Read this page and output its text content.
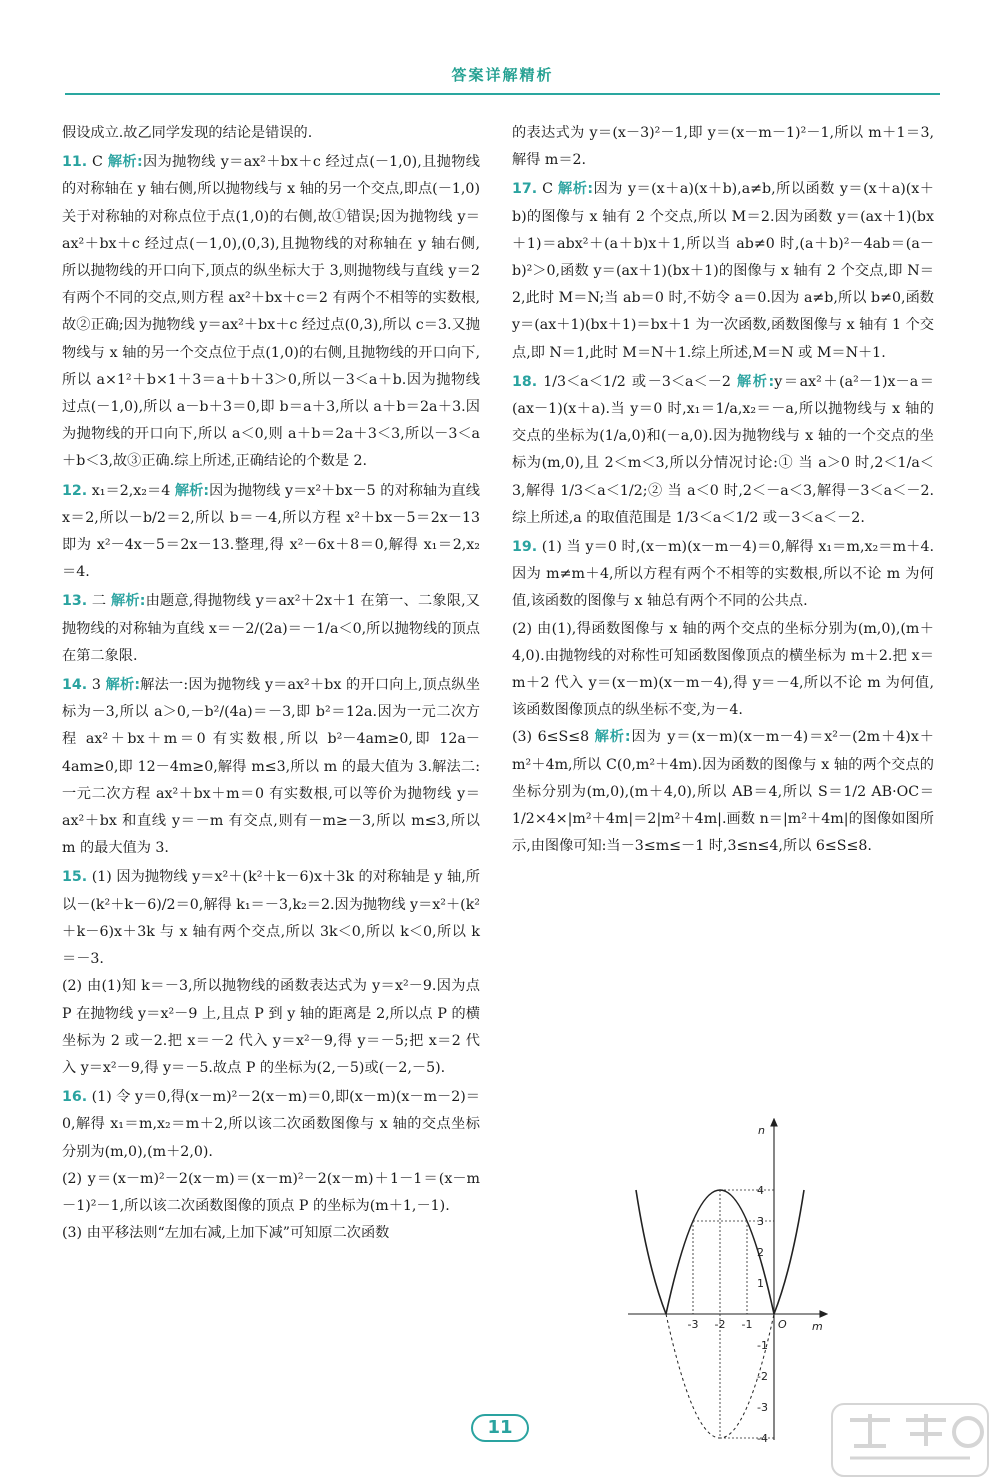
答案详解精析

假设成立.故乙同学发现的结论是错误的.

11. C 解析:因为抛物线 y＝ax²＋bx＋c 经过点(－1,0),且抛物线的对称轴在 y 轴右侧,所以抛物线与 x 轴的另一个交点,即点(－1,0)关于对称轴的对称点位于点(1,0)的右侧,故①错误;因为抛物线 y＝ax²＋bx＋c 经过点(－1,0),(0,3),且抛物线的对称轴在 y 轴右侧,所以抛物线的开口向下,顶点的纵坐标大于 3,则抛物线与直线 y＝2 有两个不同的交点,则方程 ax²＋bx＋c＝2 有两个不相等的实数根,故②正确;因为抛物线 y＝ax²＋bx＋c 经过点(0,3),所以 c＝3.又抛物线与 x 轴的另一个交点位于点(1,0)的右侧,且抛物线的开口向下,所以 a×1²＋b×1＋3＝a＋b＋3＞0,所以－3＜a＋b.因为抛物线过点(－1,0),所以 a－b＋3＝0,即 b＝a＋3,所以 a＋b＝2a＋3.因为抛物线的开口向下,所以 a＜0,则 a＋b＝2a＋3＜3,所以－3＜a＋b＜3,故③正确.综上所述,正确结论的个数是 2.

12. x₁＝2,x₂＝4 解析:因为抛物线 y＝x²＋bx－5 的对称轴为直线 x＝2,所以－b/2＝2,所以 b＝－4,所以方程 x²＋bx－5＝2x－13 即为 x²－4x－5＝2x－13.整理,得 x²－6x＋8＝0,解得 x₁＝2,x₂＝4.

13. 二 解析:由题意,得抛物线 y＝ax²＋2x＋1 在第一、二象限,又抛物线的对称轴为直线 x＝－2/(2a)＝－1/a＜0,所以抛物线的顶点在第二象限.

14. 3 解析:解法一:因为抛物线 y＝ax²＋bx 的开口向上,顶点纵坐标为－3,所以 a＞0,－b²/(4a)＝－3,即 b²＝12a.因为一元二次方程 ax²＋bx＋m＝0 有实数根,所以 b²－4am≥0,即 12a－4am≥0,即 12－4m≥0,解得 m≤3,所以 m 的最大值为 3.解法二:一元二次方程 ax²＋bx＋m＝0 有实数根,可以等价为抛物线 y＝ax²＋bx 和直线 y＝－m 有交点,则有－m≥－3,所以 m≤3,所以 m 的最大值为 3.

15. (1) 因为抛物线 y＝x²＋(k²＋k－6)x＋3k 的对称轴是 y 轴,所以－(k²＋k－6)/2＝0,解得 k₁＝－3,k₂＝2.因为抛物线 y＝x²＋(k²＋k－6)x＋3k 与 x 轴有两个交点,所以 3k＜0,所以 k＜0,所以 k＝－3.

(2) 由(1)知 k＝－3,所以抛物线的函数表达式为 y＝x²－9.因为点 P 在抛物线 y＝x²－9 上,且点 P 到 y 轴的距离是 2,所以点 P 的横坐标为 2 或－2.把 x＝－2 代入 y＝x²－9,得 y＝－5;把 x＝2 代入 y＝x²－9,得 y＝－5.故点 P 的坐标为(2,－5)或(－2,－5).

16. (1) 令 y＝0,得(x－m)²－2(x－m)＝0,即(x－m)(x－m－2)＝0,解得 x₁＝m,x₂＝m＋2,所以该二次函数图像与 x 轴的交点坐标分别为(m,0),(m＋2,0).

(2) y＝(x－m)²－2(x－m)＝(x－m)²－2(x－m)＋1－1＝(x－m－1)²－1,所以该二次函数图像的顶点 P 的坐标为(m＋1,－1).

(3) 由平移法则“左加右减,上加下减”可知原二次函数

的表达式为 y＝(x－3)²－1,即 y＝(x－m－1)²－1,所以 m＋1＝3,解得 m＝2.

17. C 解析:因为 y＝(x＋a)(x＋b),a≠b,所以函数 y＝(x＋a)(x＋b)的图像与 x 轴有 2 个交点,所以 M＝2.因为函数 y＝(ax＋1)(bx＋1)＝abx²＋(a＋b)x＋1,所以当 ab≠0 时,(a＋b)²－4ab＝(a－b)²＞0,函数 y＝(ax＋1)(bx＋1)的图像与 x 轴有 2 个交点,即 N＝2,此时 M＝N;当 ab＝0 时,不妨令 a＝0.因为 a≠b,所以 b≠0,函数 y＝(ax＋1)(bx＋1)＝bx＋1 为一次函数,函数图像与 x 轴有 1 个交点,即 N＝1,此时 M＝N＋1.综上所述,M＝N 或 M＝N＋1.

18. 1/3＜a＜1/2 或－3＜a＜－2 解析:y＝ax²＋(a²－1)x－a＝(ax－1)(x＋a).当 y＝0 时,x₁＝1/a,x₂＝－a,所以抛物线与 x 轴的交点的坐标为(1/a,0)和(－a,0).因为抛物线与 x 轴的一个交点的坐标为(m,0),且 2＜m＜3,所以分情况讨论:① 当 a＞0 时,2＜1/a＜3,解得 1/3＜a＜1/2;② 当 a＜0 时,2＜－a＜3,解得－3＜a＜－2.综上所述,a 的取值范围是 1/3＜a＜1/2 或－3＜a＜－2.

19. (1) 当 y＝0 时,(x－m)(x－m－4)＝0,解得 x₁＝m,x₂＝m＋4.因为 m≠m＋4,所以方程有两个不相等的实数根,所以不论 m 为何值,该函数的图像与 x 轴总有两个不同的公共点.

(2) 由(1),得函数图像与 x 轴的两个交点的坐标分别为(m,0),(m＋4,0).由抛物线的对称性可知函数图像顶点的横坐标为 m＋2.把 x＝m＋2 代入 y＝(x－m)(x－m－4),得 y＝－4,所以不论 m 为何值,该函数图像顶点的纵坐标不变,为－4.

(3) 6≤S≤8 解析:因为 y＝(x－m)(x－m－4)＝x²－(2m＋4)x＋m²＋4m,所以 C(0,m²＋4m).因为函数的图像与 x 轴的两个交点的坐标分别为(m,0),(m＋4,0),所以 AB＝4,所以 S＝1/2 AB·OC＝1/2×4×|m²＋4m|＝2|m²＋4m|.画数 n＝|m²＋4m|的图像如图所示,由图像可知:当－3≤m≤－1 时,3≤n≤4,所以 6≤S≤8.

n
m
O
4
3
2
1
-1
-2
-3
-4
-3 -2 -1
11
